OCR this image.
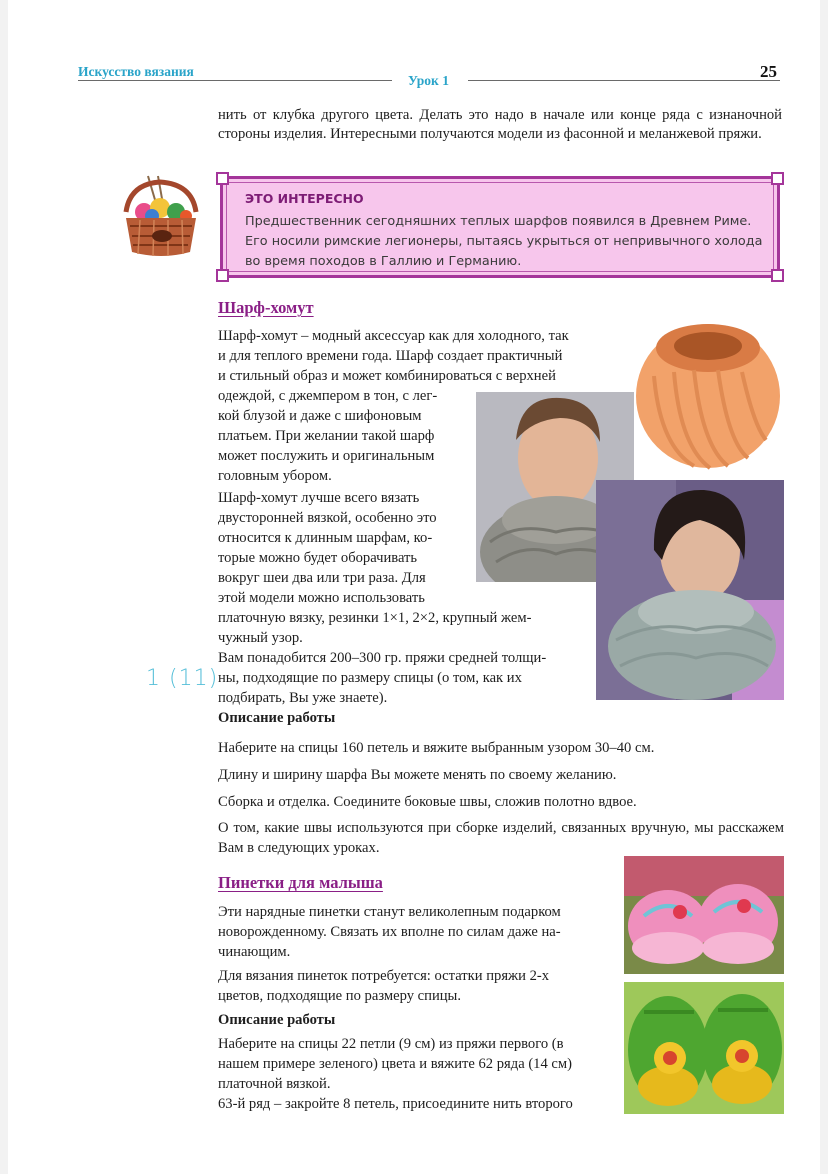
Искусство вязания
Урок 1	25

нить от клубка другого цвета. Делать это надо в начале или конце ряда с изнаночной стороны изделия. Интересными получаются модели из фасонной и меланжевой пряжи.

ЭТО ИНТЕРЕСНО
Предшественник сегодняшних теплых шарфов появился в Древнем Риме. Его носили римские легионеры, пытаясь укрыться от непривычного холода во время походов в Галлию и Германию.
Шарф-хомут
Шарф-хомут – модный аксессуар как для холодного, так
и для теплого времени года. Шарф создает практичный
и стильный образ и может комбинироваться с верхней
одеждой, с джемпером в тон, с лег-
кой блузой и даже с шифоновым
платьем. При желании такой шарф
может послужить и оригинальным
головным убором.
Шарф-хомут лучше всего вязать
двусторонней вязкой, особенно это
относится к длинным шарфам, ко-
торые можно будет оборачивать
вокруг шеи два или три раза. Для
этой модели можно использовать
платочную вязку, резинки 1×1, 2×2, крупный жем-
чужный узор.
Вам понадобится 200–300 гр. пряжи средней толщи-
ны, подходящие по размеру спицы (о том, как их
подбирать, Вы уже знаете).
1 (11)
Описание работы

Наберите на спицы 160 петель и вяжите выбранным узором 30–40 см.

Длину и ширину шарфа Вы можете менять по своему желанию.

Сборка и отделка. Соедините боковые швы, сложив полотно вдвое.

О том, какие швы используются при сборке изделий, связанных вручную, мы расскажем Вам в следующих уроках.

Пинетки для малыша
Эти нарядные пинетки станут великолепным подарком
новорожденному. Связать их вполне по силам даже на-
чинающим.
Для вязания пинеток потребуется: остатки пряжи 2-х
цветов, подходящие по размеру спицы.
Описание работы
Наберите на спицы 22 петли (9 см) из пряжи первого (в
нашем примере зеленого) цвета и вяжите 62 ряда (14 см)
платочной вязкой.
63-й ряд – закройте 8 петель, присоедините нить второго
